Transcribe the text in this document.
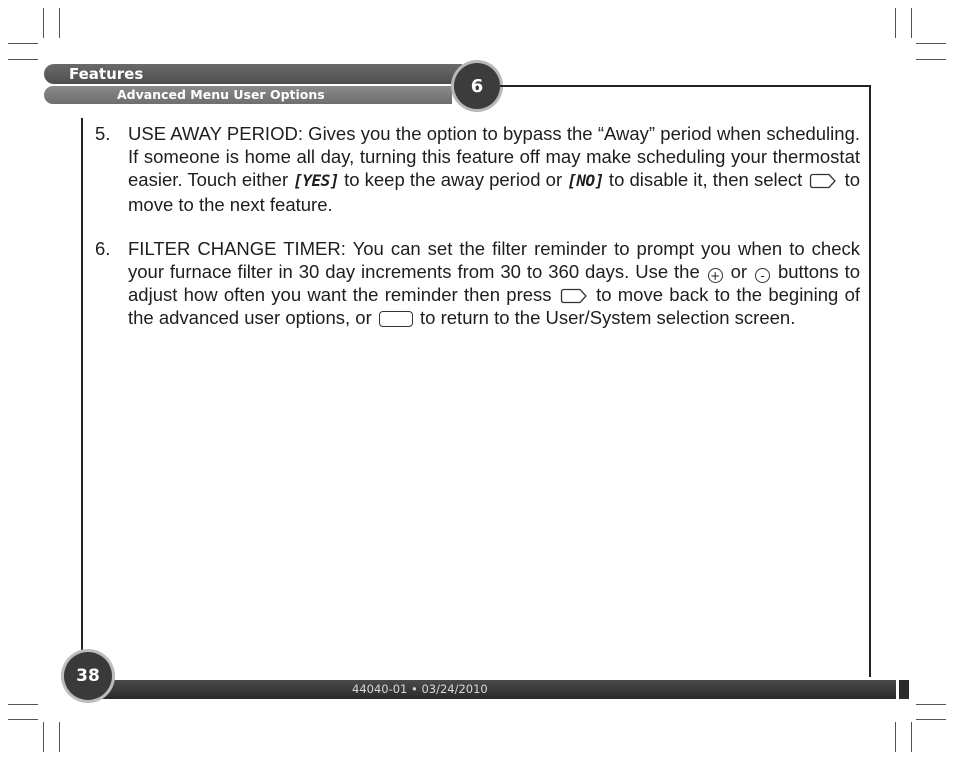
Features
Advanced Menu User Options	6
5. USE AWAY PERIOD: Gives you the option to bypass the “Away” period when scheduling. If someone is home all day, turning this feature off may make scheduling your thermostat easier. Touch either [YES] to keep the away period or [NO] to disable it, then select  to move to the next feature.
6. FILTER CHANGE TIMER: You can set the filter reminder to prompt you when to check your furnace filter in 30 day increments from 30 to 360 days. Use the + or - buttons to adjust how often you want the reminder then press  to move back to the begining of the advanced user options, or  to return to the User/System selection screen.
44040-01 • 03/24/2010
38
